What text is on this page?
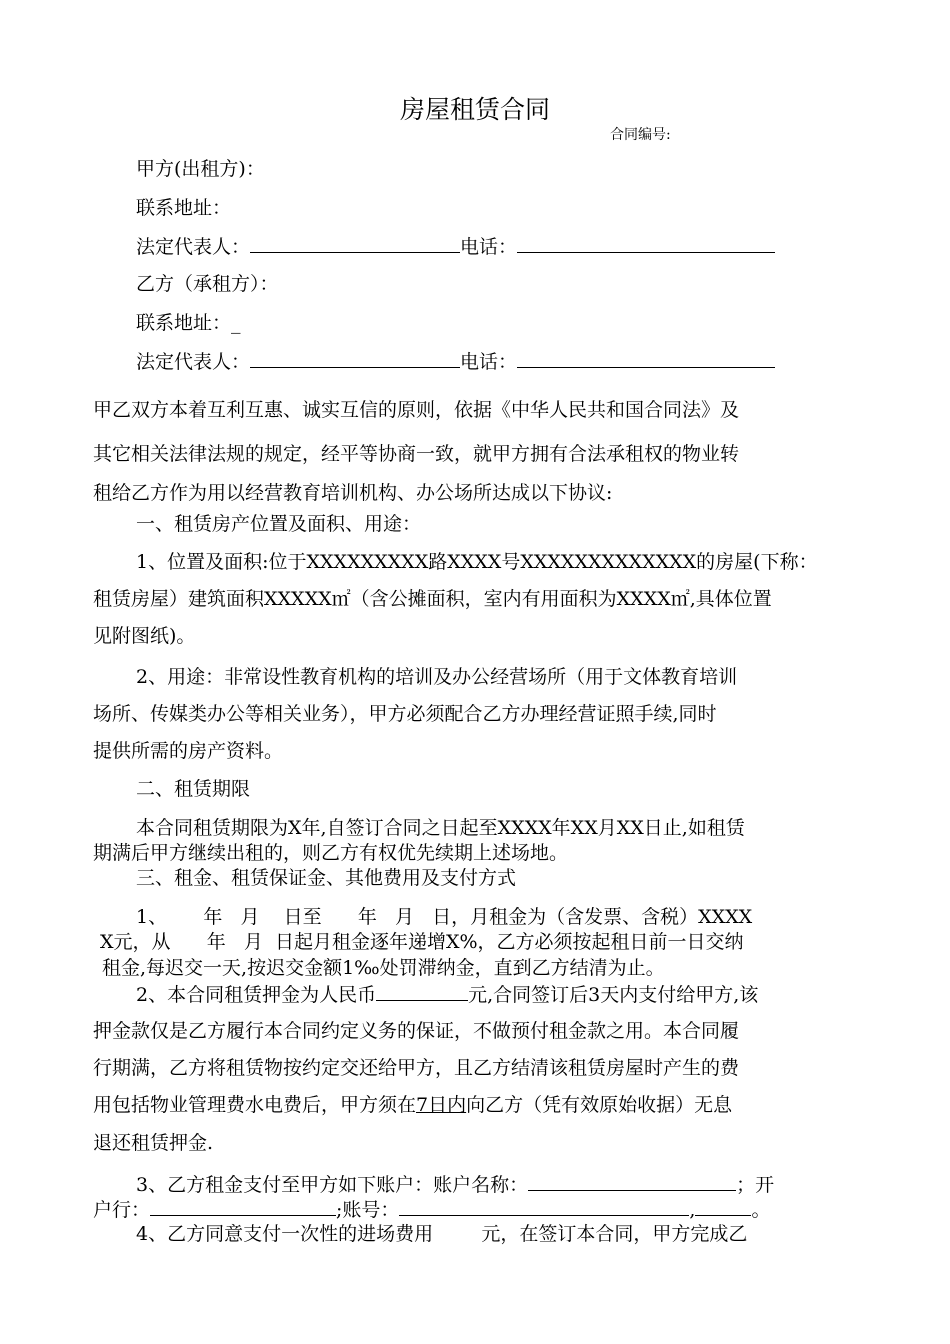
房屋租赁合同
合同编号:
甲方(出租方)：
联系地址：
法定代表人：	电话：
乙方（承租方）：
联系地址：_
法定代表人：	电话：
甲乙双方本着互利互惠、诚实互信的原则，依据《中华人民共和国合同法》及
其它相关法律法规的规定，经平等协商一致，就甲方拥有合法承租权的物业转
租给乙方作为用以经营教育培训机构、办公场所达成以下协议:
一、租赁房产位置及面积、用途：
1、位置及面积:位于XXXXXXXXX路XXXX号XXXXXXXXXXXXX的房屋(下称：
租赁房屋）建筑面积XXXXX㎡（含公摊面积，室内有用面积为XXXX㎡,具体位置
见附图纸)。
2、用途：非常设性教育机构的培训及办公经营场所（用于文体教育培训
场所、传媒类办公等相关业务），甲方必须配合乙方办理经营证照手续,同时
提供所需的房产资料。
二、租赁期限
本合同租赁期限为X年,自签订合同之日起至XXXX年XX月XX日止,如租赁
期满后甲方继续出租的，则乙方有权优先续期上述场地。
三、租金、租赁保证金、其他费用及支付方式
1、      年   月    日至      年   月   日，月租金为（含发票、含税）XXXX
X元，从      年   月  日起月租金逐年递增X%，乙方必须按起租日前一日交纳
租金,每迟交一天,按迟交金额1‰处罚滞纳金，直到乙方结清为止。
2、本合同租赁押金为人民币	元,合同签订后3天内支付给甲方,该
押金款仅是乙方履行本合同约定义务的保证，不做预付租金款之用。本合同履
行期满，乙方将租赁物按约定交还给甲方，且乙方结清该租赁房屋时产生的费
用包括物业管理费水电费后，甲方须在7日内向乙方（凭有效原始收据）无息
退还租赁押金.
3、乙方租金支付至甲方如下账户：账户名称：	；开
户行：	;账号：	,	。
4、乙方同意支付一次性的进场费用        元，在签订本合同，甲方完成乙
